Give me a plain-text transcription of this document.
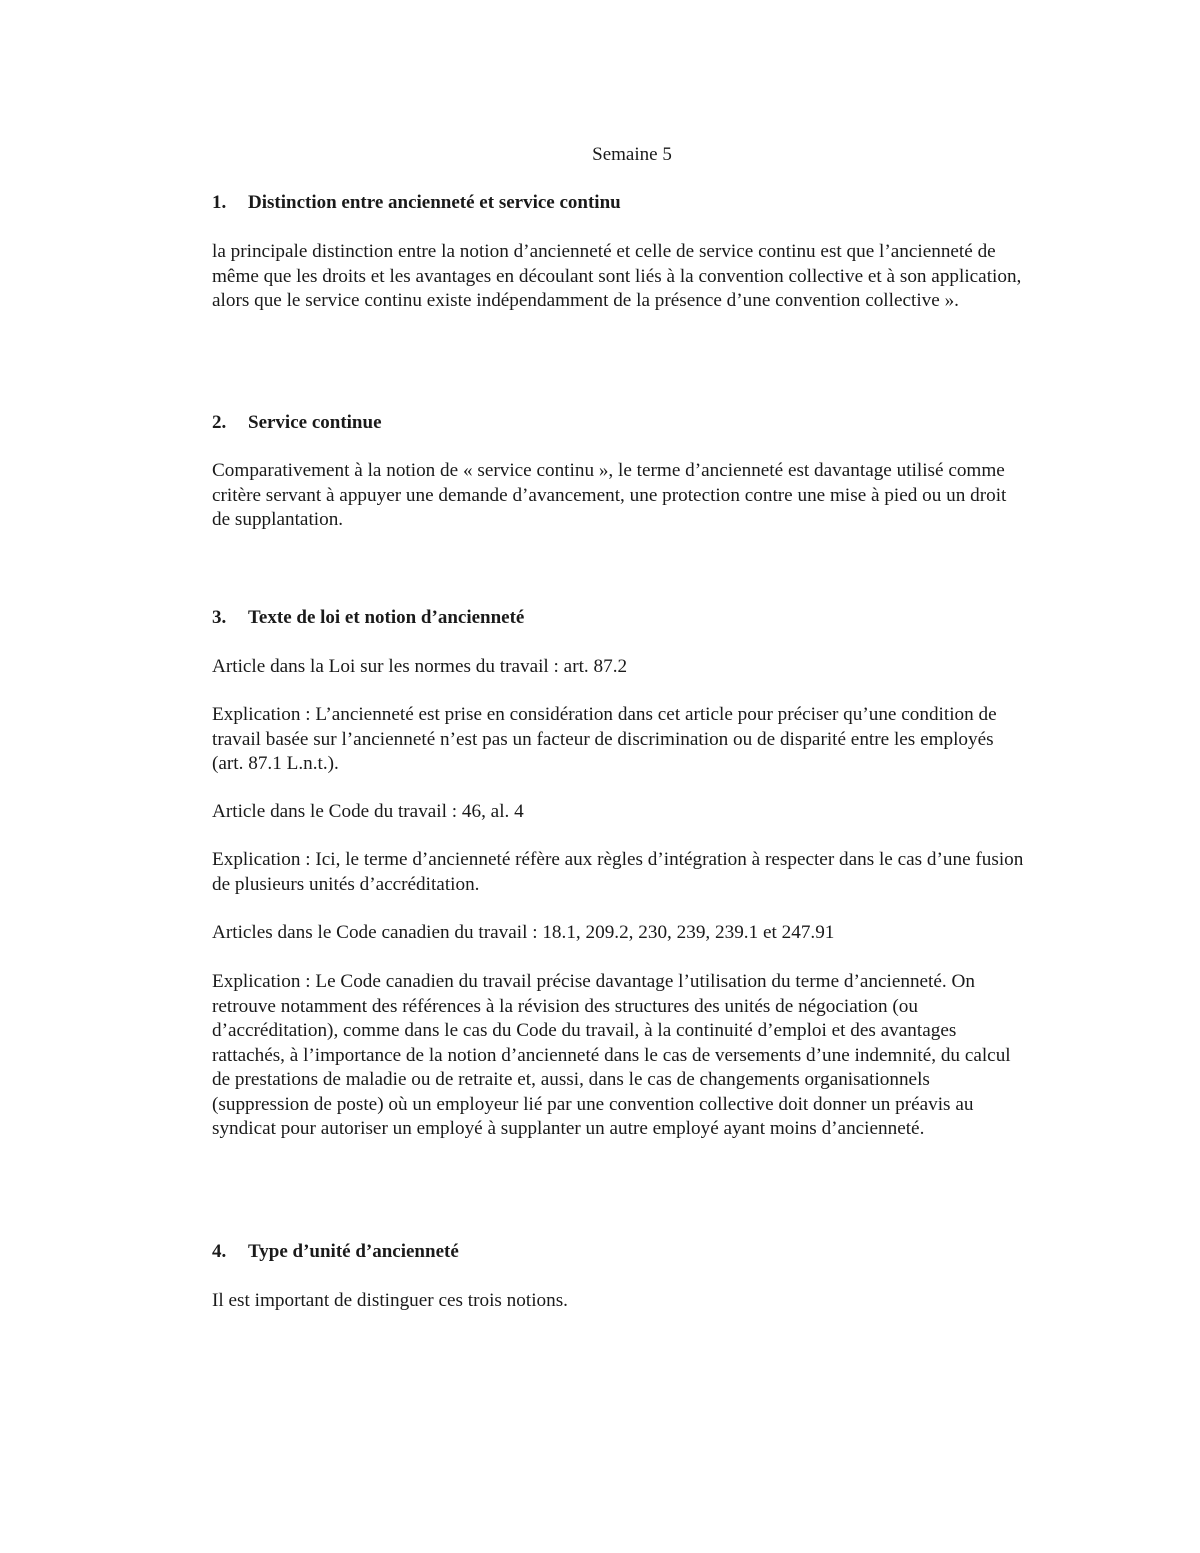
Semaine 5
1. Distinction entre ancienneté et service continu

la principale distinction entre la notion d’ancienneté et celle de service continu est que l’ancienneté de même que les droits et les avantages en découlant sont liés à la convention collective et à son application, alors que le service continu existe indépendamment de la présence d’une convention collective ».

2. Service continue

Comparativement à la notion de « service continu », le terme d’ancienneté est davantage utilisé comme critère servant à appuyer une demande d’avancement, une protection contre une mise à pied ou un droit de supplantation.

3. Texte de loi et notion d’ancienneté

Article dans la Loi sur les normes du travail : art. 87.2

Explication : L’ancienneté est prise en considération dans cet article pour préciser qu’une condition de travail basée sur l’ancienneté n’est pas un facteur de discrimination ou de disparité entre les employés (art. 87.1 L.n.t.).

Article dans le Code du travail : 46, al. 4

Explication : Ici, le terme d’ancienneté réfère aux règles d’intégration à respecter dans le cas d’une fusion de plusieurs unités d’accréditation.

Articles dans le Code canadien du travail : 18.1, 209.2, 230, 239, 239.1 et 247.91

Explication : Le Code canadien du travail précise davantage l’utilisation du terme d’ancienneté. On retrouve notamment des références à la révision des structures des unités de négociation (ou d’accréditation), comme dans le cas du Code du travail, à la continuité d’emploi et des avantages rattachés, à l’importance de la notion d’ancienneté dans le cas de versements d’une indemnité, du calcul de prestations de maladie ou de retraite et, aussi, dans le cas de changements organisationnels (suppression de poste) où un employeur lié par une convention collective doit donner un préavis au syndicat pour autoriser un employé à supplanter un autre employé ayant moins d’ancienneté.

4. Type d’unité d’ancienneté

Il est important de distinguer ces trois notions.
